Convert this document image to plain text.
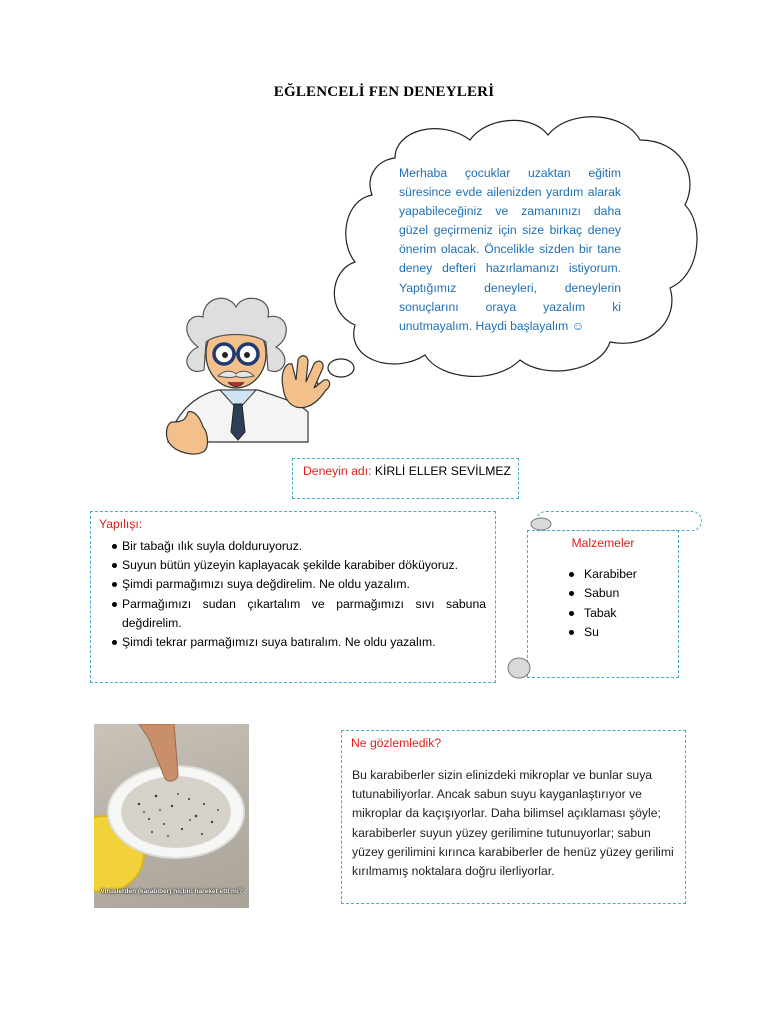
EĞLENCELİ FEN DENEYLERİ
Merhaba çocuklar uzaktan eğitim süresince evde ailenizden yardım alarak yapabileceğiniz ve zamanınızı daha güzel geçirmeniz için size birkaç deney önerim olacak. Öncelikle sizden bir tane deney defteri hazırlamanızı istiyorum. Yaptığımız deneyleri, deneylerin sonuçlarını oraya yazalım ki unutmayalım. Haydi başlayalım ☺
Deneyin adı: KİRLİ ELLER SEVİLMEZ
Yapılışı:
Bir tabağı ılık suyla dolduruyoruz.
Suyun bütün yüzeyin kaplayacak şekilde karabiber döküyoruz.
Şimdi parmağımızı suya değdirelim. Ne oldu yazalım.
Parmağımızı sudan çıkartalım ve parmağımızı sıvı sabuna değdirelim.
Şimdi tekrar parmağımızı suya batıralım. Ne oldu yazalım.
Malzemeler
Karabiber
Sabun
Tabak
Su
Virüslerden (karabiber) hiçbiri hareket etti mi?
Ne gözlemledik?
Bu karabiberler sizin elinizdeki mikroplar ve bunlar suya tutunabiliyorlar. Ancak sabun suyu kayganlaştırıyor ve mikroplar da kaçışıyorlar. Daha bilimsel açıklaması şöyle; karabiberler suyun yüzey gerilimine tutunuyorlar; sabun yüzey gerilimini kırınca karabiberler de henüz yüzey gerilimi kırılmamış noktalara doğru ilerliyorlar.
